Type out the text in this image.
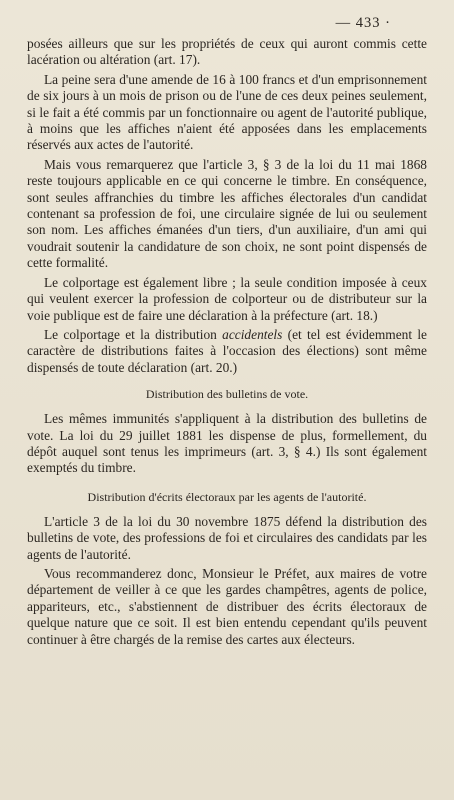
— 433 ·

posées ailleurs que sur les propriétés de ceux qui auront commis cette lacération ou altération (art. 17).

La peine sera d'une amende de 16 à 100 francs et d'un emprisonnement de six jours à un mois de prison ou de l'une de ces deux peines seulement, si le fait a été commis par un fonctionnaire ou agent de l'autorité publique, à moins que les affiches n'aient été apposées dans les emplacements réservés aux actes de l'autorité.

Mais vous remarquerez que l'article 3, § 3 de la loi du 11 mai 1868 reste toujours applicable en ce qui concerne le timbre. En conséquence, sont seules affranchies du timbre les affiches électorales d'un candidat contenant sa profession de foi, une circulaire signée de lui ou seulement son nom. Les affiches émanées d'un tiers, d'un auxiliaire, d'un ami qui voudrait soutenir la candidature de son choix, ne sont point dispensés de cette formalité.

Le colportage est également libre ; la seule condition imposée à ceux qui veulent exercer la profession de colporteur ou de distributeur sur la voie publique est de faire une déclaration à la préfecture (art. 18.)

Le colportage et la distribution accidentels (et tel est évidemment le caractère de distributions faites à l'occasion des élections) sont même dispensés de toute déclaration (art. 20.)

Distribution des bulletins de vote.

Les mêmes immunités s'appliquent à la distribution des bulletins de vote. La loi du 29 juillet 1881 les dispense de plus, formellement, du dépôt auquel sont tenus les imprimeurs (art. 3, § 4.) Ils sont également exemptés du timbre.

Distribution d'écrits électoraux par les agents de l'autorité.

L'article 3 de la loi du 30 novembre 1875 défend la distribution des bulletins de vote, des professions de foi et circulaires des candidats par les agents de l'autorité.

Vous recommanderez donc, Monsieur le Préfet, aux maires de votre département de veiller à ce que les gardes champêtres, agents de police, appariteurs, etc., s'abstiennent de distribuer des écrits électoraux de quelque nature que ce soit. Il est bien entendu cependant qu'ils peuvent continuer à être chargés de la remise des cartes aux électeurs.
